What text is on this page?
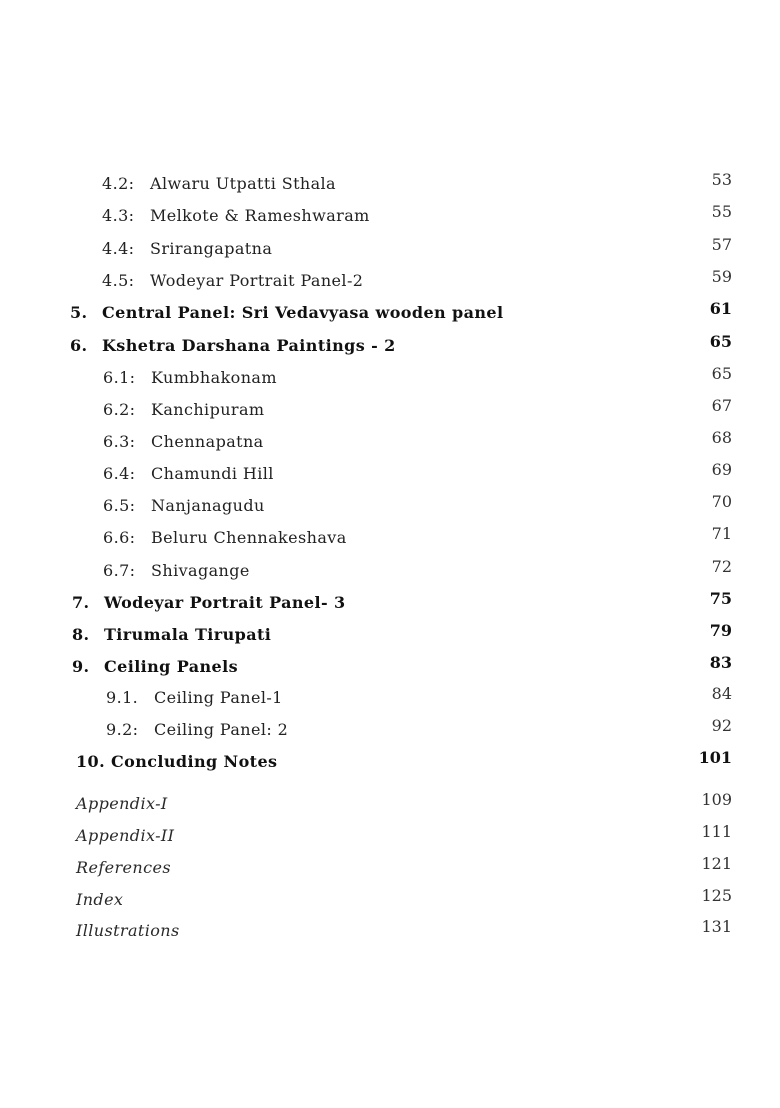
4.2: Alwaru Utpatti Sthala	53
4.3: Melkote & Rameshwaram	55
4.4: Srirangapatna	57
4.5: Wodeyar Portrait Panel-2	59
5. Central Panel: Sri Vedavyasa wooden panel	61
6. Kshetra Darshana Paintings - 2	65
6.1: Kumbhakonam	65
6.2: Kanchipuram	67
6.3: Chennapatna	68
6.4: Chamundi Hill	69
6.5: Nanjanagudu	70
6.6: Beluru Chennakeshava	71
6.7: Shivagange	72
7. Wodeyar Portrait Panel- 3	75
8. Tirumala Tirupati	79
9. Ceiling Panels	83
9.1. Ceiling Panel-1	84
9.2: Ceiling Panel: 2	92
10. Concluding Notes	101
Appendix-I	109
Appendix-II	111
References	121
Index	125
Illustrations	131
